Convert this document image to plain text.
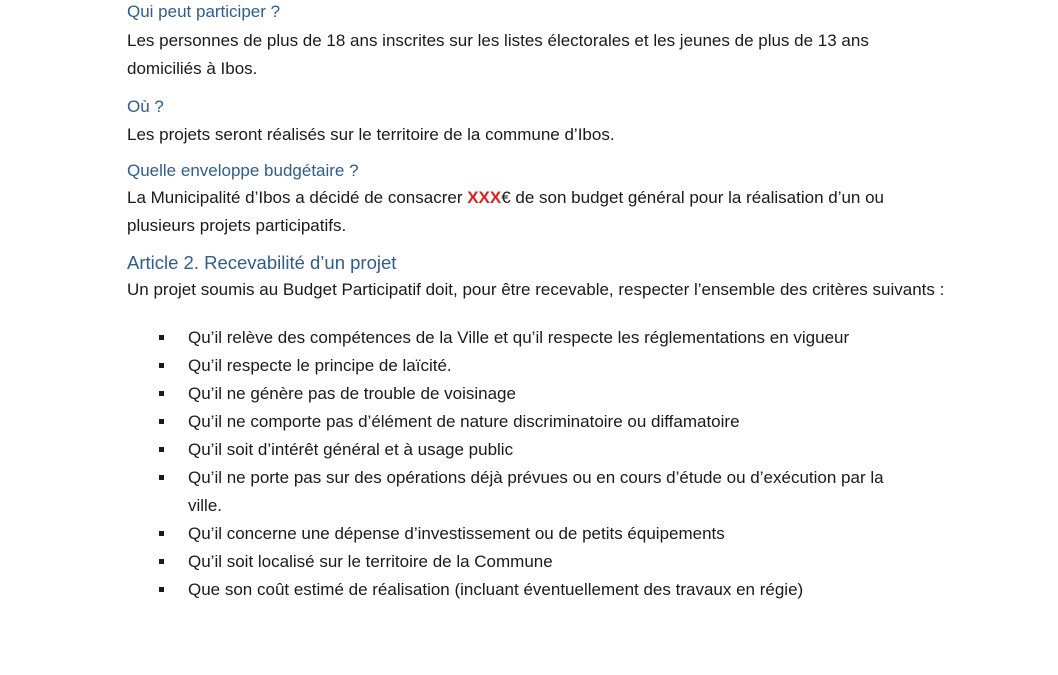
Qui peut participer ?

Les personnes de plus de 18 ans inscrites sur les listes électorales et les jeunes de plus de 13 ans domiciliés à Ibos.

Où ?

Les projets seront réalisés sur le territoire de la commune d’Ibos.

Quelle enveloppe budgétaire ?

La Municipalité d’Ibos a décidé de consacrer XXX€ de son budget général pour la réalisation d’un ou plusieurs projets participatifs.

Article 2. Recevabilité d’un projet

Un projet soumis au Budget Participatif doit, pour être recevable, respecter l’ensemble des critères suivants :

Qu’il relève des compétences de la Ville et qu’il respecte les réglementations en vigueur
Qu’il respecte le principe de laïcité.
Qu’il ne génère pas de trouble de voisinage
Qu’il ne comporte pas d’élément de nature discriminatoire ou diffamatoire
Qu’il soit d’intérêt général et à usage public
Qu’il ne porte pas sur des opérations déjà prévues ou en cours d’étude ou d’exécution par la ville.
Qu’il concerne une dépense d’investissement ou de petits équipements
Qu’il soit localisé sur le territoire de la Commune
Que son coût estimé de réalisation (incluant éventuellement des travaux en régie)
